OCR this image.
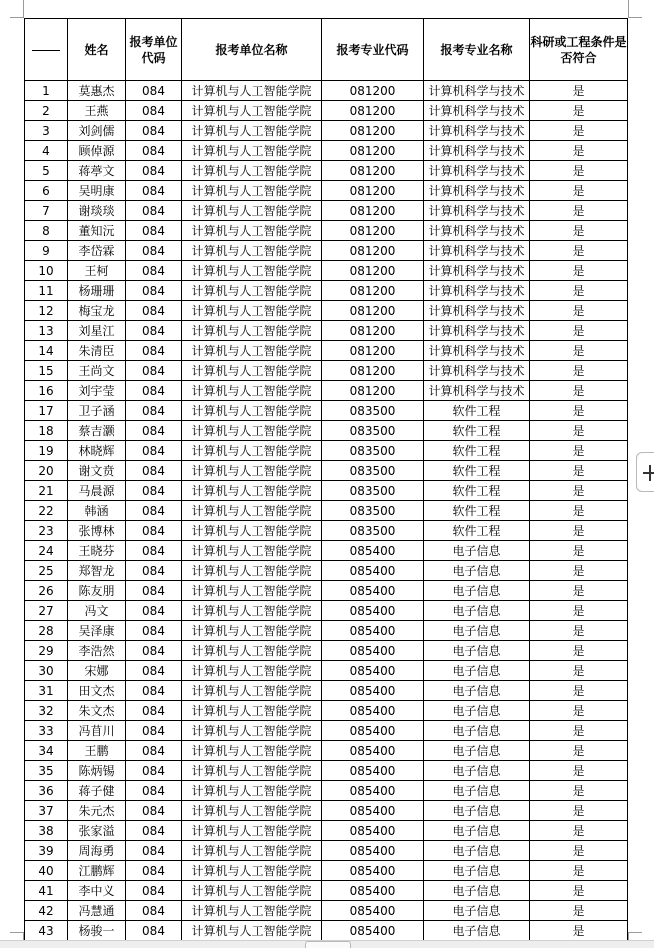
	姓名	报考单位代码	报考单位名称	报考专业代码	报考专业名称	科研或工程条件是否符合
1	莫惠杰	084	计算机与人工智能学院	081200	计算机科学与技术	是
2	王燕	084	计算机与人工智能学院	081200	计算机科学与技术	是
3	刘剑儒	084	计算机与人工智能学院	081200	计算机科学与技术	是
4	顾倬源	084	计算机与人工智能学院	081200	计算机科学与技术	是
5	蒋葶文	084	计算机与人工智能学院	081200	计算机科学与技术	是
6	吴明康	084	计算机与人工智能学院	081200	计算机科学与技术	是
7	谢琰琰	084	计算机与人工智能学院	081200	计算机科学与技术	是
8	董知沅	084	计算机与人工智能学院	081200	计算机科学与技术	是
9	李岱霖	084	计算机与人工智能学院	081200	计算机科学与技术	是
10	王柯	084	计算机与人工智能学院	081200	计算机科学与技术	是
11	杨珊珊	084	计算机与人工智能学院	081200	计算机科学与技术	是
12	梅宝龙	084	计算机与人工智能学院	081200	计算机科学与技术	是
13	刘星江	084	计算机与人工智能学院	081200	计算机科学与技术	是
14	朱清臣	084	计算机与人工智能学院	081200	计算机科学与技术	是
15	王尚文	084	计算机与人工智能学院	081200	计算机科学与技术	是
16	刘宇莹	084	计算机与人工智能学院	081200	计算机科学与技术	是
17	卫子涵	084	计算机与人工智能学院	083500	软件工程	是
18	蔡吉灏	084	计算机与人工智能学院	083500	软件工程	是
19	林晓辉	084	计算机与人工智能学院	083500	软件工程	是
20	谢文贲	084	计算机与人工智能学院	083500	软件工程	是
21	马晨源	084	计算机与人工智能学院	083500	软件工程	是
22	韩涵	084	计算机与人工智能学院	083500	软件工程	是
23	张博林	084	计算机与人工智能学院	083500	软件工程	是
24	王晓芬	084	计算机与人工智能学院	085400	电子信息	是
25	郑智龙	084	计算机与人工智能学院	085400	电子信息	是
26	陈友朋	084	计算机与人工智能学院	085400	电子信息	是
27	冯文	084	计算机与人工智能学院	085400	电子信息	是
28	吴泽康	084	计算机与人工智能学院	085400	电子信息	是
29	李浩然	084	计算机与人工智能学院	085400	电子信息	是
30	宋娜	084	计算机与人工智能学院	085400	电子信息	是
31	田文杰	084	计算机与人工智能学院	085400	电子信息	是
32	朱文杰	084	计算机与人工智能学院	085400	电子信息	是
33	冯苜川	084	计算机与人工智能学院	085400	电子信息	是
34	王鹏	084	计算机与人工智能学院	085400	电子信息	是
35	陈炳锡	084	计算机与人工智能学院	085400	电子信息	是
36	蒋子健	084	计算机与人工智能学院	085400	电子信息	是
37	朱元杰	084	计算机与人工智能学院	085400	电子信息	是
38	张家溢	084	计算机与人工智能学院	085400	电子信息	是
39	周海勇	084	计算机与人工智能学院	085400	电子信息	是
40	江鹏辉	084	计算机与人工智能学院	085400	电子信息	是
41	李中义	084	计算机与人工智能学院	085400	电子信息	是
42	冯慧通	084	计算机与人工智能学院	085400	电子信息	是
43	杨骏一	084	计算机与人工智能学院	085400	电子信息	是
